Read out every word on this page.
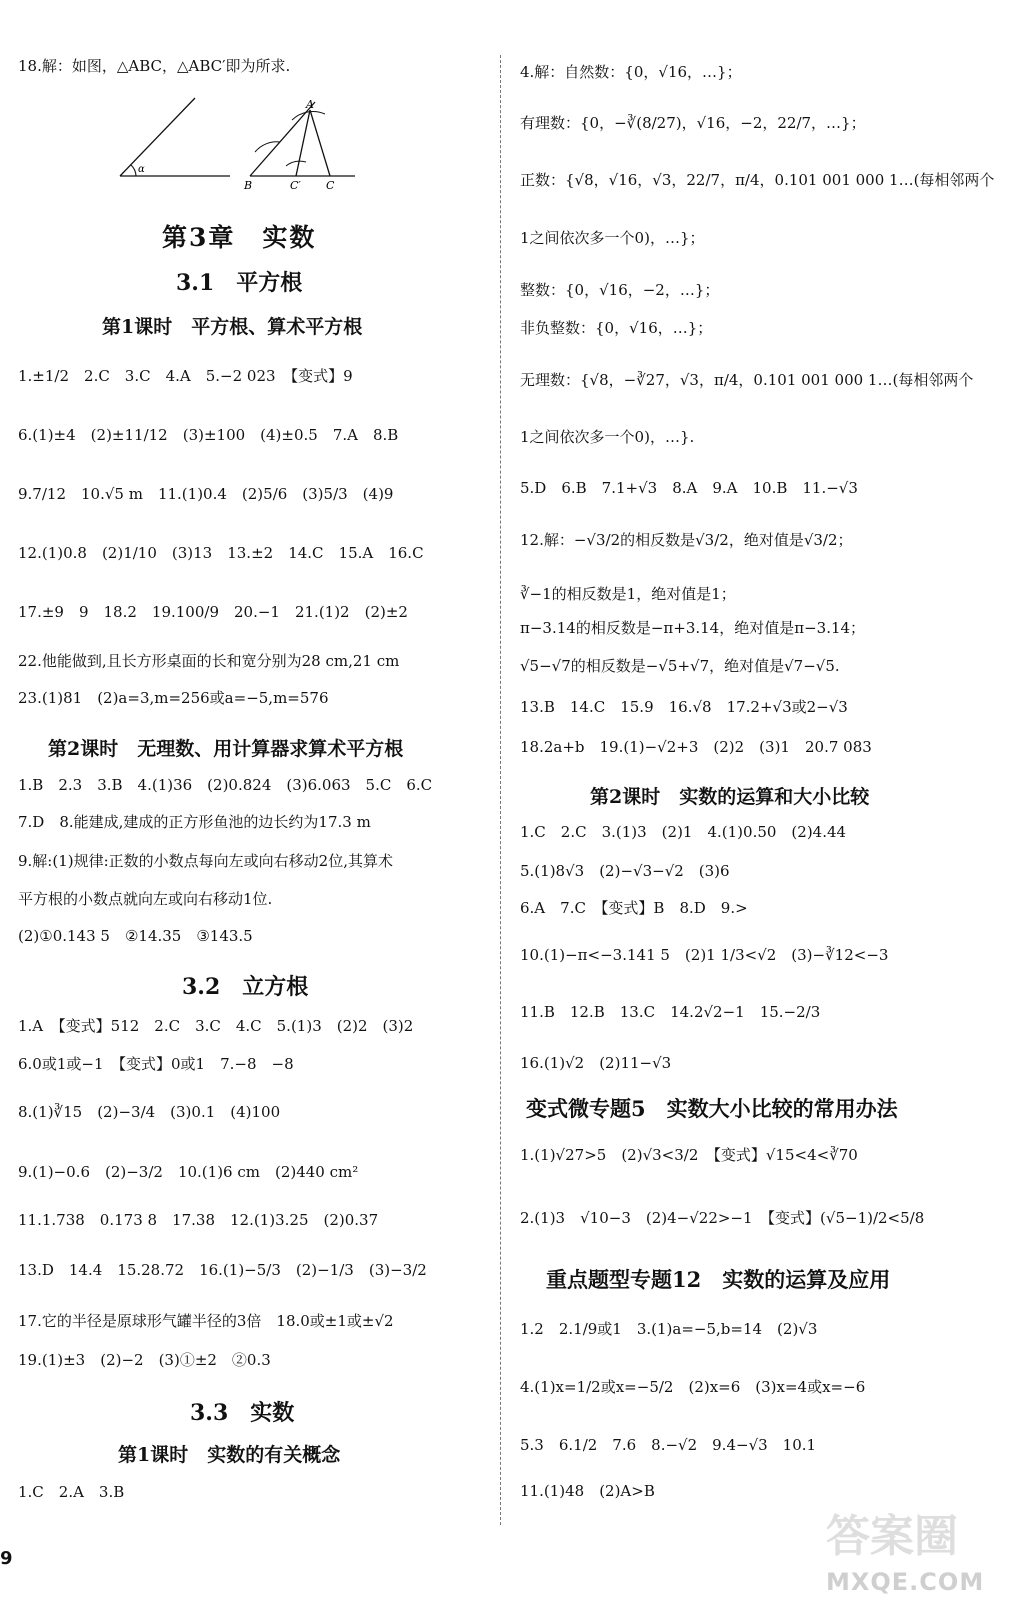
18.解：如图，△ABC，△ABC′即为所求.
α
A
B	C′ C
第3章　实数
3.1　平方根
第1课时　平方根、算术平方根
1.±1/2　2.C　3.C　4.A　5.−2 023　【变式】9
6.(1)±4　(2)±11/12　(3)±100　(4)±0.5　7.A　8.B
9.7/12　10.√5 m　11.(1)0.4　(2)5/6　(3)5/3　(4)9
12.(1)0.8　(2)1/10　(3)13　13.±2　14.C　15.A　16.C
17.±9　9　18.2　19.100/9　20.−1　21.(1)2　(2)±2
22.他能做到,且长方形桌面的长和宽分别为28 cm,21 cm
23.(1)81　(2)a=3,m=256或a=−5,m=576
第2课时　无理数、用计算器求算术平方根
1.B　2.3　3.B　4.(1)36　(2)0.824　(3)6.063　5.C　6.C
7.D　8.能建成,建成的正方形鱼池的边长约为17.3 m
9.解:(1)规律:正数的小数点每向左或向右移动2位,其算术
平方根的小数点就向左或向右移动1位.
(2)①0.143 5　②14.35　③143.5
3.2　立方根
1.A　【变式】512　2.C　3.C　4.C　5.(1)3　(2)2　(3)2
6.0或1或−1　【变式】0或1　7.−8　−8
8.(1)∛15　(2)−3/4　(3)0.1　(4)100
9.(1)−0.6　(2)−3/2　10.(1)6 cm　(2)440 cm²
11.1.738　0.173 8　17.38　12.(1)3.25　(2)0.37
13.D　14.4　15.28.72　16.(1)−5/3　(2)−1/3　(3)−3/2
17.它的半径是原球形气罐半径的3倍　18.0或±1或±√2
19.(1)±3　(2)−2　(3)①±2　②0.3
3.3　实数
第1课时　实数的有关概念
1.C　2.A　3.B
9
4.解：自然数：{0，√16，…}；
有理数：{0，−∛(8/27)，√16，−2，22/7，…}；
正数：{√8，√16，√3，22/7，π/4，0.101 001 000 1…(每相邻两个
1之间依次多一个0)，…}；
整数：{0，√16，−2，…}；
非负整数：{0，√16，…}；
无理数：{√8，−∛27，√3，π/4，0.101 001 000 1…(每相邻两个
1之间依次多一个0)，…}.
5.D　6.B　7.1+√3　8.A　9.A　10.B　11.−√3
12.解：−√3/2的相反数是√3/2，绝对值是√3/2；
∛−1的相反数是1，绝对值是1；
π−3.14的相反数是−π+3.14，绝对值是π−3.14；
√5−√7的相反数是−√5+√7，绝对值是√7−√5.
13.B　14.C　15.9　16.√8　17.2+√3或2−√3
18.2a+b　19.(1)−√2+3　(2)2　(3)1　20.7 083
第2课时　实数的运算和大小比较
1.C　2.C　3.(1)3　(2)1　4.(1)0.50　(2)4.44
5.(1)8√3　(2)−√3−√2　(3)6
6.A　7.C　【变式】B　8.D　9.>
10.(1)−π<−3.141 5　(2)1 1/3<√2　(3)−∛12<−3
11.B　12.B　13.C　14.2√2−1　15.−2/3
16.(1)√2　(2)11−√3
变式微专题5　实数大小比较的常用办法
1.(1)√27>5　(2)√3<3/2　【变式】√15<4<∛70
2.(1)3　√10−3　(2)4−√22>−1　【变式】(√5−1)/2<5/8
重点题型专题12　实数的运算及应用
1.2　2.1/9或1　3.(1)a=−5,b=14　(2)√3
4.(1)x=1/2或x=−5/2　(2)x=6　(3)x=4或x=−6
5.3　6.1/2　7.6　8.−√2　9.4−√3　10.1
11.(1)48　(2)A>B
答案圈
MXQE.COM
